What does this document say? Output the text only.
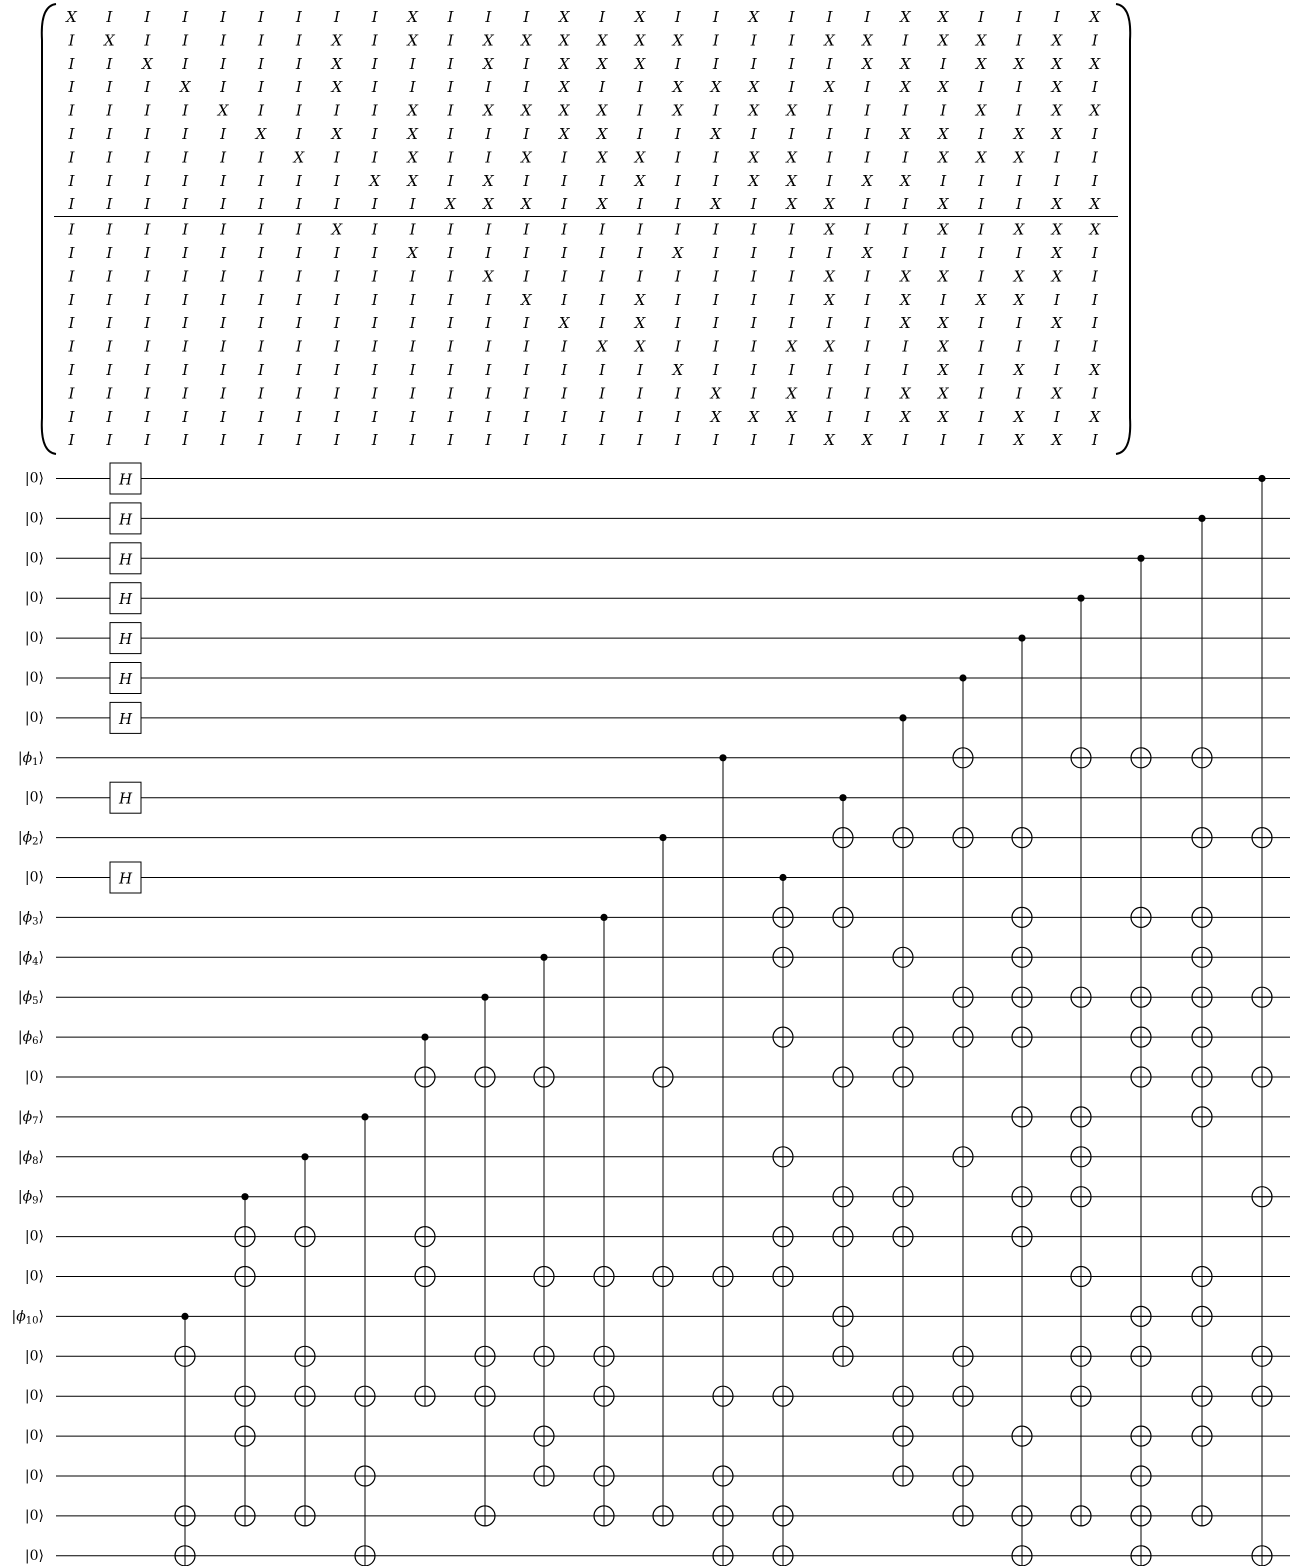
X I I I I I I I I X I I I X I X I I X I I I X X I I I X
I X I I I I I X I X I X X X X X X I I I X X I X X I X I
I I X I I I I X I I I X I X X X I I I I I X X I X X X X
I I I X I I I X I I I I I X I I X X X I X I X X I I X I
I I I I X I I I I X I X X X X I X I X X I I I I X I X X
I I I I I X I X I X I I I X X I I X I I I I X X I X X I
I I I I I I X I I X I I X I X X I I X X I I I X X X I I
I I I I I I I I X X I X I I I X I I X X I X X I I I I I
I I I I I I I I I I X X X I X I I X I X X I I X I I X X
I I I I I I I X I I I I I I I I I I I I X I I X I X X X
I I I I I I I I I X I I I I I I X I I I I X I I I I X I
I I I I I I I I I I I X I I I I I I I I X I X X I X X I
I I I I I I I I I I I I X I I X I I I I X I X I X X I I
I I I I I I I I I I I I I X I X I I I I I I X X I I X I
I I I I I I I I I I I I I I X X I I I X X I I X I I I I
I I I I I I I I I I I I I I I I X I I I I I I X I X I X
I I I I I I I I I I I I I I I I I X I X I I X X I I X I
I I I I I I I I I I I I I I I I I X X X I I X X I X I X
I I I I I I I I I I I I I I I I I I I I X X I I I X X I
|0⟩
|0⟩
|0⟩
|0⟩
|0⟩
|0⟩
|0⟩
$|\phi_1⟩$
|0⟩
$|\phi_2⟩$
|0⟩
$|\phi_3⟩$
$|\phi_4⟩$
$|\phi_5⟩$
$|\phi_6⟩$
|0⟩
$|\phi_7⟩$
$|\phi_8⟩$
$|\phi_9⟩$
|0⟩
|0⟩
$|\phi_{10}⟩$
|0⟩
|0⟩
|0⟩
|0⟩
|0⟩
|0⟩
H
H
H
H
H
H
H
H
H
